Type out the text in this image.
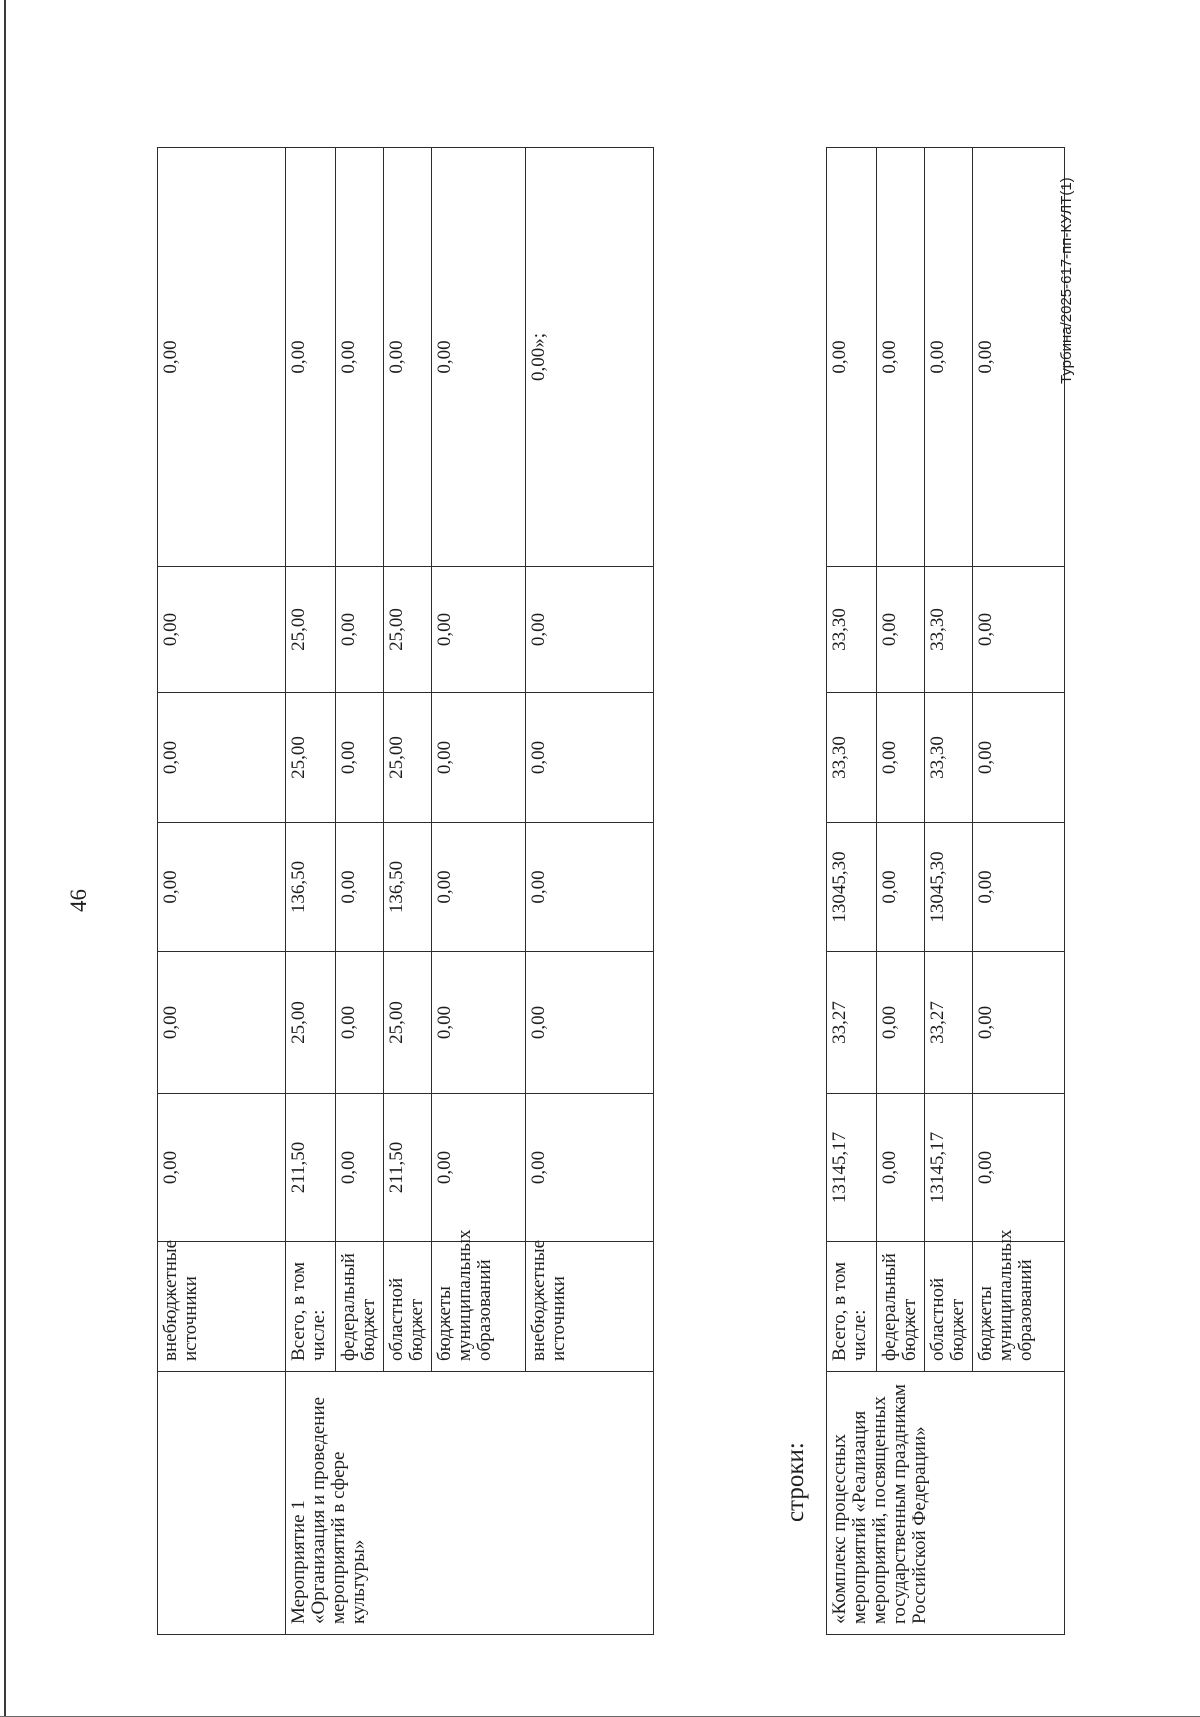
46
	внебюджетные источники	0,00	0,00	0,00	0,00	0,00	0,00
Мероприятие 1 «Организация и проведение мероприятий в сфере культуры»	Всего, в том числе:	211,50	25,00	136,50	25,00	25,00	0,00
	федеральный бюджет	0,00	0,00	0,00	0,00	0,00	0,00
	областной бюджет	211,50	25,00	136,50	25,00	25,00	0,00
	бюджеты муниципальных образований	0,00	0,00	0,00	0,00	0,00	0,00
	внебюджетные источники	0,00	0,00	0,00	0,00	0,00	0,00»;
строки: «Комплекс процессных мероприятий «Реализация мероприятий, посвященных государственным праздникам Российской Федерации»	Всего, в том числе:	13145,17	33,27	13045,30	33,30	33,30	0,00
	федеральный бюджет	0,00	0,00	0,00	0,00	0,00	0,00
	областной бюджет	13145,17	33,27	13045,30	33,30	33,30	0,00
	бюджеты муниципальных образований	0,00	0,00	0,00	0,00	0,00	0,00	Турбина/2025-617-пп-КУЛТ(1)
